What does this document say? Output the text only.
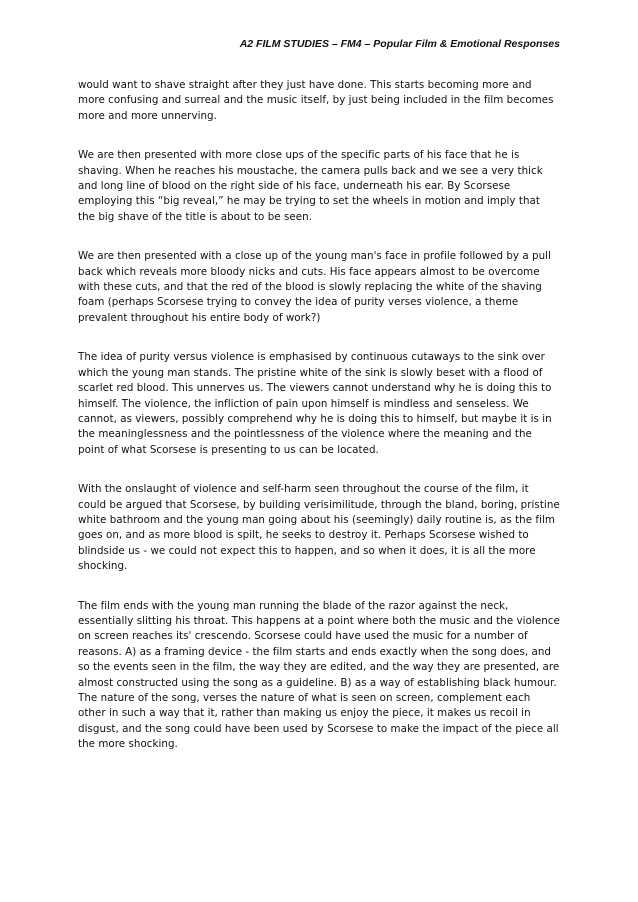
A2 FILM STUDIES – FM4 – Popular Film & Emotional Responses

would want to shave straight after they just have done. This starts becoming more and more confusing and surreal and the music itself, by just being included in the film becomes more and more unnerving.

We are then presented with more close ups of the specific parts of his face that he is shaving. When he reaches his moustache, the camera pulls back and we see a very thick and long line of blood on the right side of his face, underneath his ear. By Scorsese employing this “big reveal,” he may be trying to set the wheels in motion and imply that the big shave of the title is about to be seen.

We are then presented with a close up of the young man's face in profile followed by a pull back which reveals more bloody nicks and cuts. His face appears almost to be overcome with these cuts, and that the red of the blood is slowly replacing the white of the shaving foam (perhaps Scorsese trying to convey the idea of purity verses violence, a theme prevalent throughout his entire body of work?)

The idea of purity versus violence is emphasised by continuous cutaways to the sink over which the young man stands. The pristine white of the sink is slowly beset with a flood of scarlet red blood. This unnerves us. The viewers cannot understand why he is doing this to himself. The violence, the infliction of pain upon himself is mindless and senseless. We cannot, as viewers, possibly comprehend why he is doing this to himself, but maybe it is in the meaninglessness and the pointlessness of the violence where the meaning and the point of what Scorsese is presenting to us can be located.

With the onslaught of violence and self-harm seen throughout the course of the film, it could be argued that Scorsese, by building verisimilitude, through the bland, boring, pristine white bathroom and the young man going about his (seemingly) daily routine is, as the film goes on, and as more blood is spilt, he seeks to destroy it. Perhaps Scorsese wished to blindside us - we could not expect this to happen, and so when it does, it is all the more shocking.

The film ends with the young man running the blade of the razor against the neck, essentially slitting his throat. This happens at a point where both the music and the violence on screen reaches its' crescendo. Scorsese could have used the music for a number of reasons. A) as a framing device - the film starts and ends exactly when the song does, and so the events seen in the film, the way they are edited, and the way they are presented, are almost constructed using the song as a guideline. B) as a way of establishing black humour. The nature of the song, verses the nature of what is seen on screen, complement each other in such a way that it, rather than making us enjoy the piece, it makes us recoil in disgust, and the song could have been used by Scorsese to make the impact of the piece all the more shocking.
